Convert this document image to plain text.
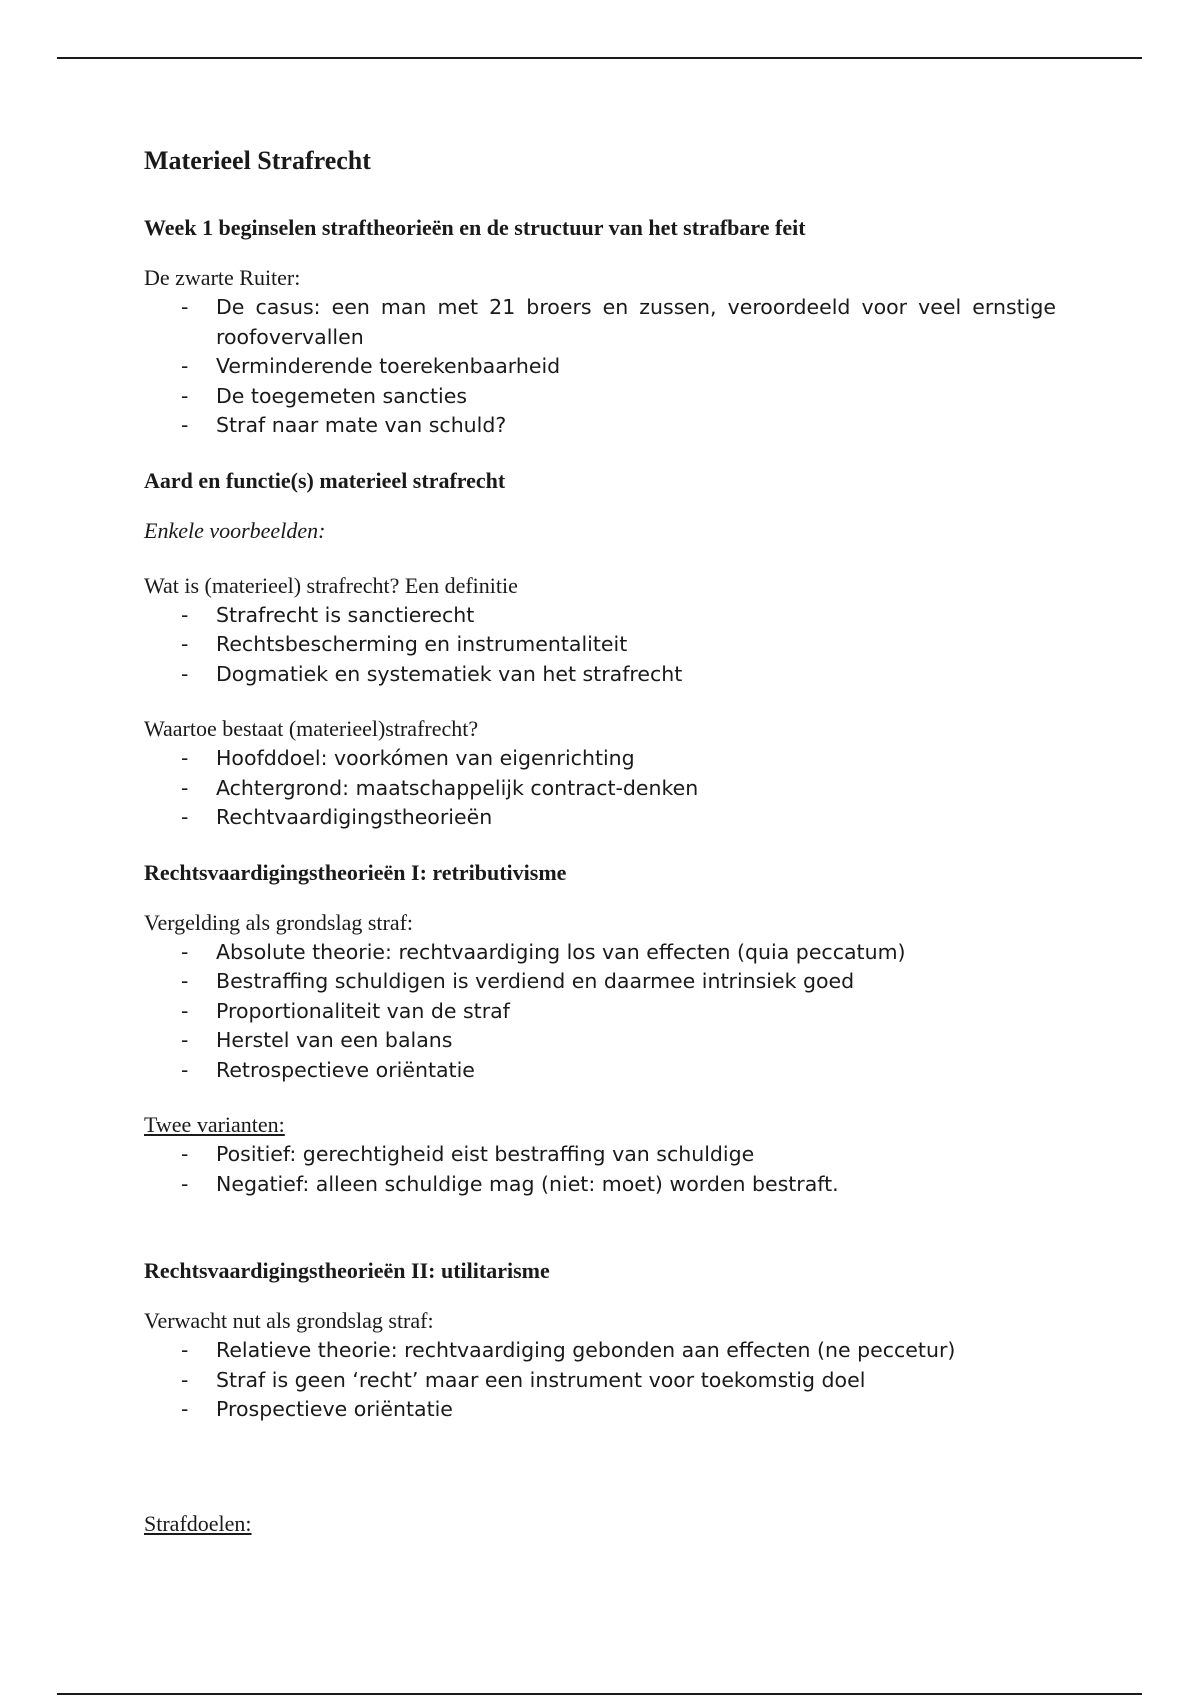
Materieel Strafrecht
Week 1 beginselen straftheorieën en de structuur van het strafbare feit

De zwarte Ruiter:

- De casus: een man met 21 broers en zussen, veroordeeld voor veel ernstige roofovervallen
- Verminderende toerekenbaarheid
- De toegemeten sancties
- Straf naar mate van schuld?
Aard en functie(s) materieel strafrecht

Enkele voorbeelden:

Wat is (materieel) strafrecht? Een definitie

- Strafrecht is sanctierecht
- Rechtsbescherming en instrumentaliteit
- Dogmatiek en systematiek van het strafrecht

Waartoe bestaat (materieel)strafrecht?

- Hoofddoel: voorkómen van eigenrichting
- Achtergrond: maatschappelijk contract-denken
- Rechtvaardigingstheorieën
Rechtsvaardigingstheorieën I: retributivisme

Vergelding als grondslag straf:

- Absolute theorie: rechtvaardiging los van effecten (quia peccatum)
- Bestraffing schuldigen is verdiend en daarmee intrinsiek goed
- Proportionaliteit van de straf
- Herstel van een balans
- Retrospectieve oriëntatie

Twee varianten:

- Positief: gerechtigheid eist bestraffing van schuldige
- Negatief: alleen schuldige mag (niet: moet) worden bestraft.
Rechtsvaardigingstheorieën II: utilitarisme

Verwacht nut als grondslag straf:

- Relatieve theorie: rechtvaardiging gebonden aan effecten (ne peccetur)
- Straf is geen ‘recht’ maar een instrument voor toekomstig doel
- Prospectieve oriëntatie

Strafdoelen:
